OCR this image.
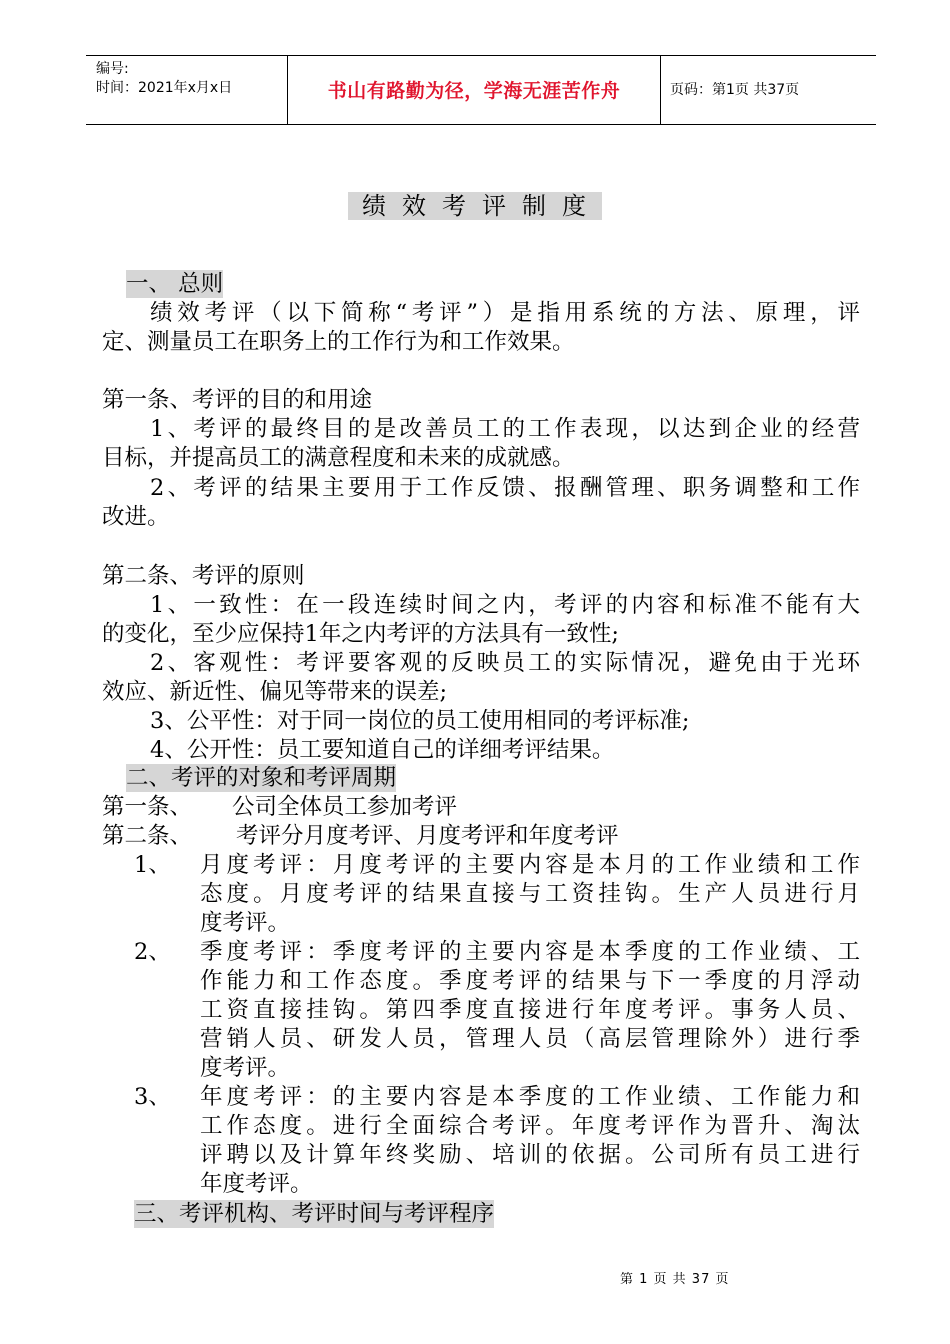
编号:
时间：2021年x月x日	书山有路勤为径，学海无涯苦作舟	页码：第1页 共37页
绩效考评制度
一、 总则
绩效考评（以下简称“考评”）是指用系统的方法、原理，评
定、测量员工在职务上的工作行为和工作效果。
第一条、考评的目的和用途
1、考评的最终目的是改善员工的工作表现，以达到企业的经营
目标，并提高员工的满意程度和未来的成就感。
2、考评的结果主要用于工作反馈、报酬管理、职务调整和工作
改进。
第二条、考评的原则
1、一致性：在一段连续时间之内，考评的内容和标准不能有大
的变化，至少应保持1年之内考评的方法具有一致性;
2、客观性：考评要客观的反映员工的实际情况，避免由于光环
效应、新近性、偏见等带来的误差;
3、公平性：对于同一岗位的员工使用相同的考评标准;
4、公开性：员工要知道自己的详细考评结果。
二、考评的对象和考评周期
第一条、 公司全体员工参加考评
第二条、 考评分月度考评、月度考评和年度考评
1、 月度考评：月度考评的主要内容是本月的工作业绩和工作
态度。月度考评的结果直接与工资挂钩。生产人员进行月
度考评。
2、 季度考评：季度考评的主要内容是本季度的工作业绩、工
作能力和工作态度。季度考评的结果与下一季度的月浮动
工资直接挂钩。第四季度直接进行年度考评。事务人员、
营销人员、研发人员，管理人员（高层管理除外）进行季
度考评。
3、 年度考评：的主要内容是本季度的工作业绩、工作能力和
工作态度。进行全面综合考评。年度考评作为晋升、淘汰
评聘以及计算年终奖励、培训的依据。公司所有员工进行
年度考评。
三、考评机构、考评时间与考评程序
第 1 页 共 37 页
